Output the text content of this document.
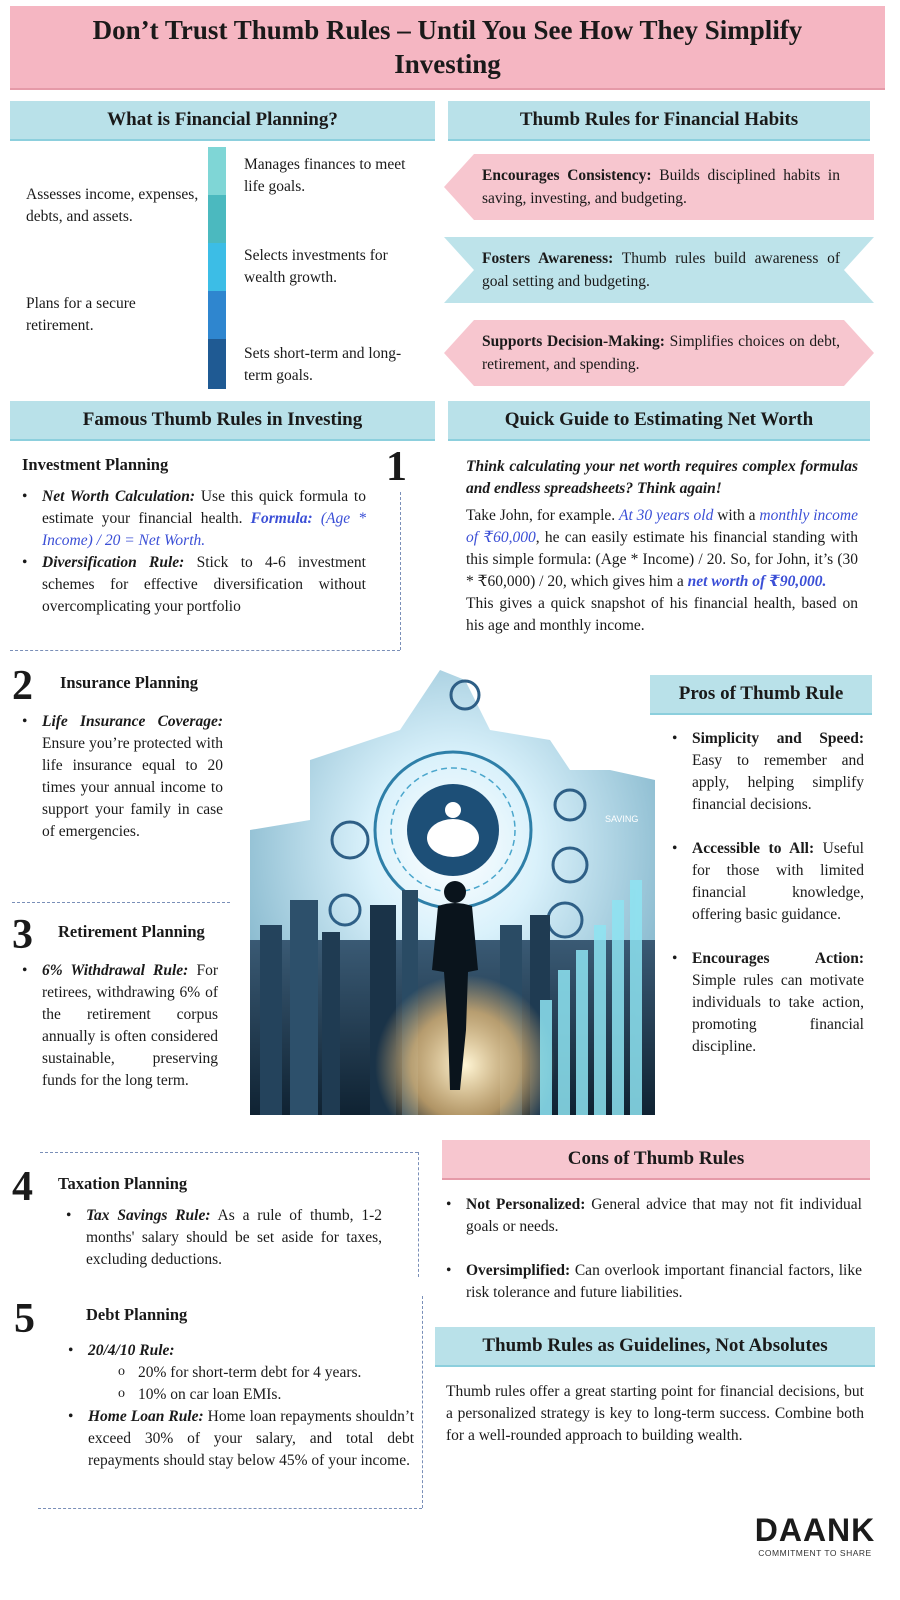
Don’t Trust Thumb Rules – Until You See How They Simplify Investing
What is Financial Planning?
Assesses income, expenses, debts, and assets.
Plans for a secure retirement.
Manages finances to meet life goals.
Selects investments for wealth growth.
Sets short-term and long-term goals.
Thumb Rules for Financial Habits
Encourages Consistency: Builds disciplined habits in saving, investing, and budgeting.
Fosters Awareness: Thumb rules build awareness of goal setting and budgeting.
Supports Decision-Making: Simplifies choices on debt, retirement, and spending.
Famous Thumb Rules in Investing
Investment Planning	1
• Net Worth Calculation: Use this quick formula to estimate your financial health. Formula: (Age * Income) / 20 = Net Worth.
• Diversification Rule: Stick to 4-6 investment schemes for effective diversification without overcomplicating your portfolio
2 Insurance Planning
• Life Insurance Coverage: Ensure you’re protected with life insurance equal to 20 times your annual income to support your family in case of emergencies.
3 Retirement Planning
• 6% Withdrawal Rule: For retirees, withdrawing 6% of the retirement corpus annually is often considered sustainable, preserving funds for the long term.
SAVING
4 Taxation Planning
• Tax Savings Rule: As a rule of thumb, 1-2 months' salary should be set aside for taxes, excluding deductions.
5	Debt Planning
• 20/4/10 Rule:
o 20% for short-term debt for 4 years.
o 10% on car loan EMIs.
• Home Loan Rule: Home loan repayments shouldn’t exceed 30% of your salary, and total debt repayments should stay below 45% of your income.
Quick Guide to Estimating Net Worth
Think calculating your net worth requires complex formulas and endless spreadsheets? Think again!
Take John, for example. At 30 years old with a monthly income of ₹60,000, he can easily estimate his financial standing with this simple formula: (Age * Income) / 20. So, for John, it’s (30 * ₹60,000) / 20, which gives him a net worth of ₹90,000.
This gives a quick snapshot of his financial health, based on his age and monthly income.
Pros of Thumb Rule
• Simplicity and Speed: Easy to remember and apply, helping simplify financial decisions.
• Accessible to All: Useful for those with limited financial knowledge, offering basic guidance.
• Encourages Action: Simple rules can motivate individuals to take action, promoting financial discipline.
Cons of Thumb Rules
• Not Personalized: General advice that may not fit individual goals or needs.
• Oversimplified: Can overlook important financial factors, like risk tolerance and future liabilities.
Thumb Rules as Guidelines, Not Absolutes
Thumb rules offer a great starting point for financial decisions, but a personalized strategy is key to long-term success. Combine both for a well-rounded approach to building wealth.
DAANK
COMMITMENT TO SHARE
